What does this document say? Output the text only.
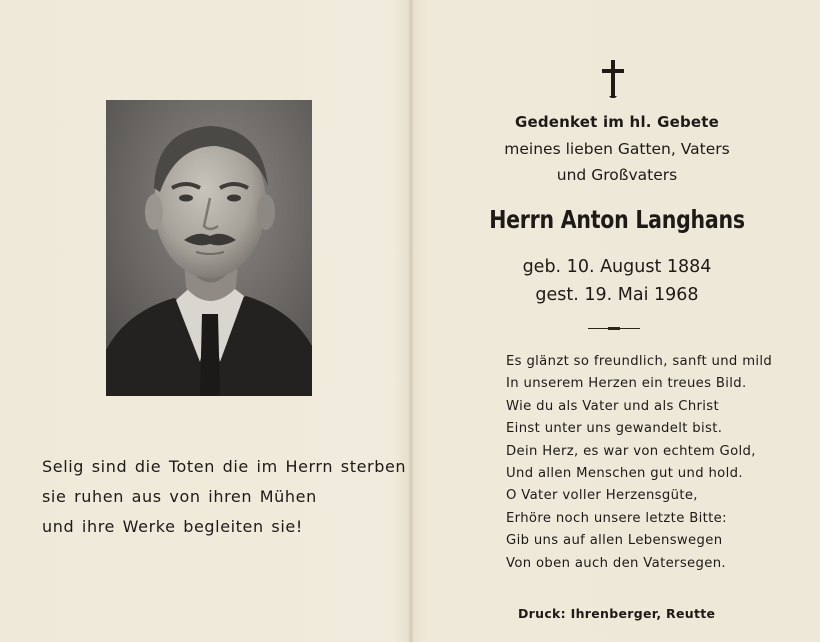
Selig sind die Toten die im Herrn sterben
sie ruhen aus von ihren Mühen
und ihre Werke begleiten sie!
Gedenket im hl. Gebete
meines lieben Gatten, Vaters
und Großvaters
Herrn Anton Langhans
geb. 10. August 1884
gest. 19. Mai 1968
Es glänzt so freundlich, sanft und mild
In unserem Herzen ein treues Bild.
Wie du als Vater und als Christ
Einst unter uns gewandelt bist.
Dein Herz, es war von echtem Gold,
Und allen Menschen gut und hold.
O Vater voller Herzensgüte,
Erhöre noch unsere letzte Bitte:
Gib uns auf allen Lebenswegen
Von oben auch den Vatersegen.
Druck: Ihrenberger, Reutte
